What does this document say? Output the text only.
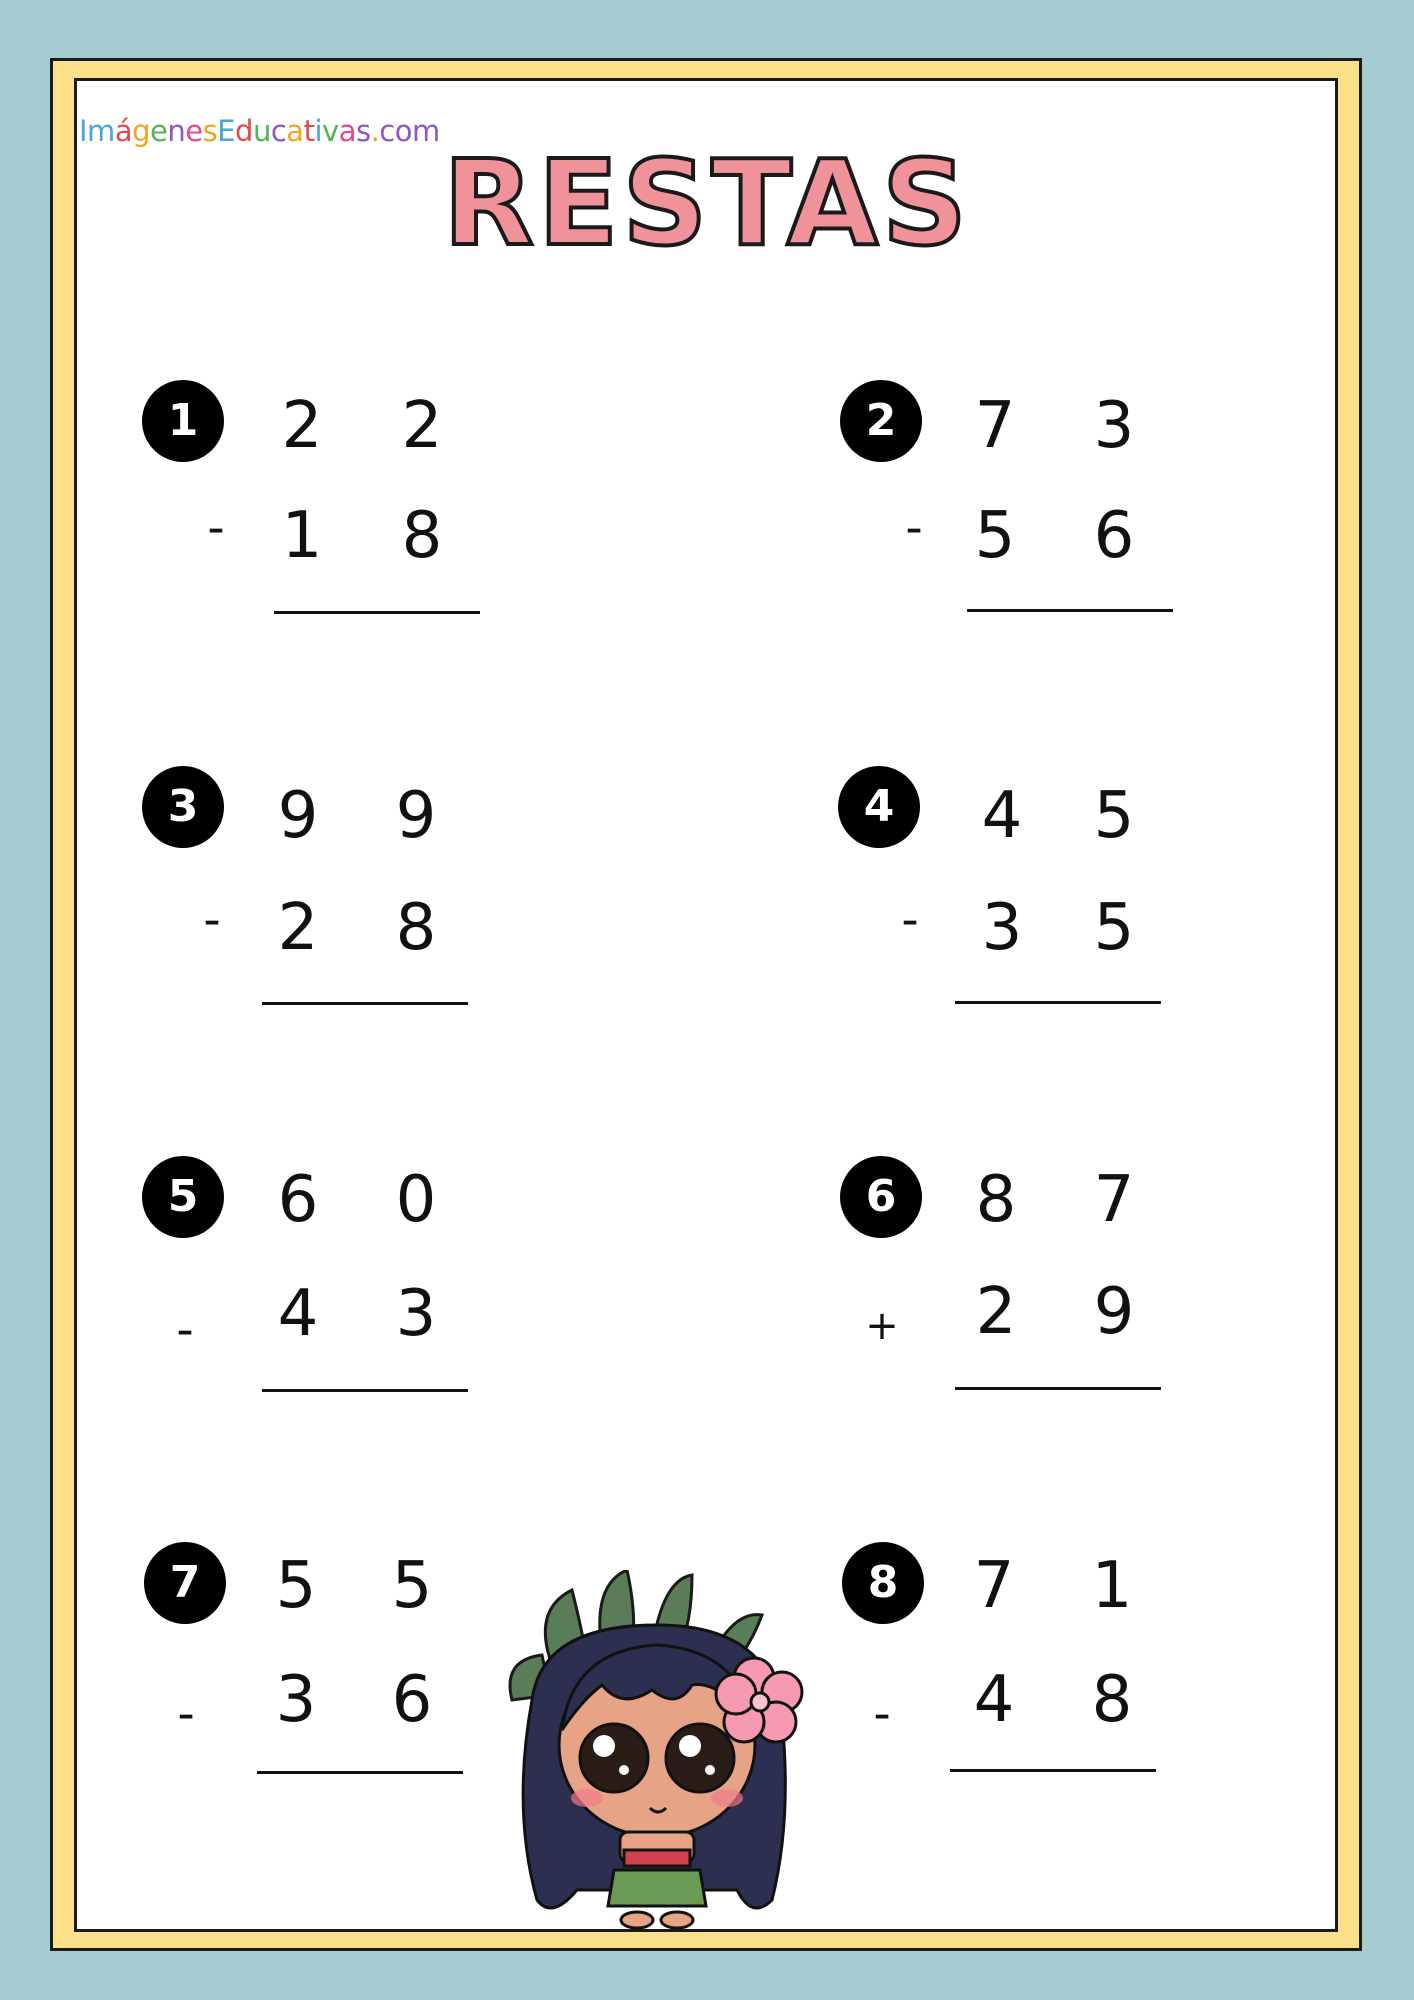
ImágenesEducativas.com
RESTAS
1	2 2
- 1 8
2	7 3
- 5 6
3	9 9
- 2 8
4	4 5
- 3 5
5	6 0
- 4 3
6	8 7
+ 2 9
7	5 5
- 3 6
8	7 1
- 4 8
